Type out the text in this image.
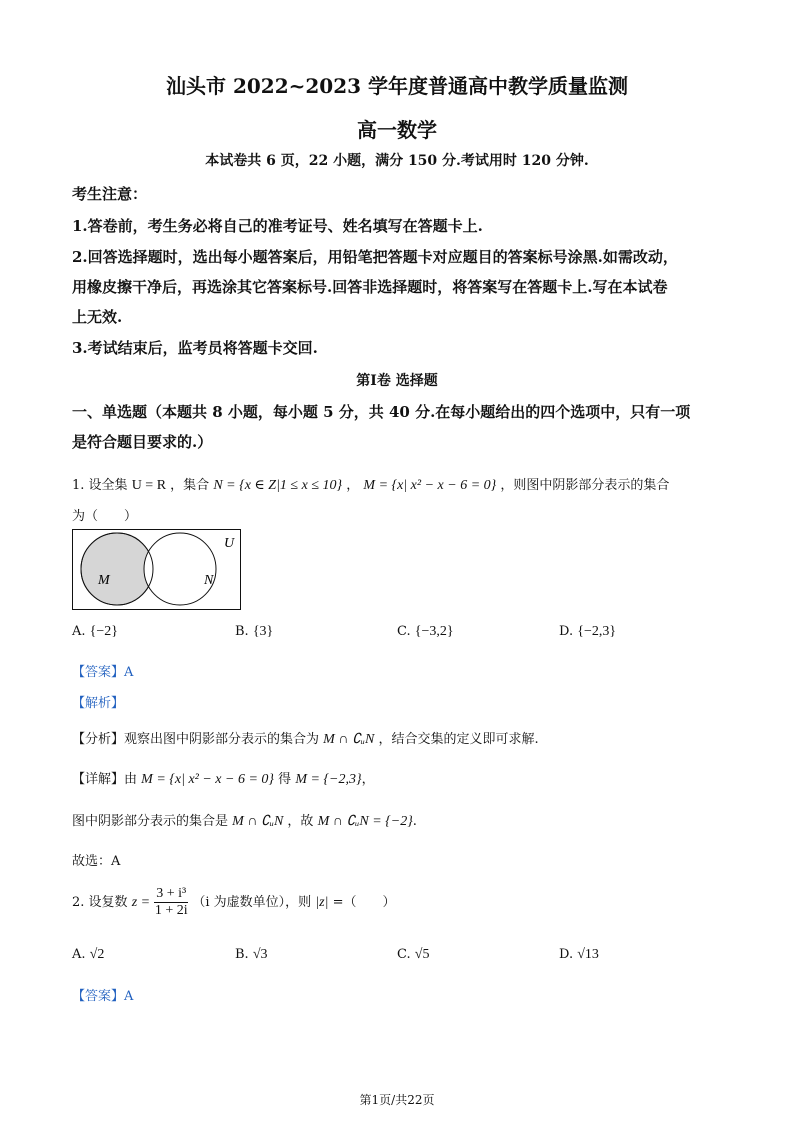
汕头市 2022~2023 学年度普通高中教学质量监测
高一数学
本试卷共 6 页，22 小题，满分 150 分.考试用时 120 分钟.
考生注意：
1.答卷前，考生务必将自己的准考证号、姓名填写在答题卡上.
2.回答选择题时，选出每小题答案后，用铅笔把答题卡对应题目的答案标号涂黑.如需改动，
用橡皮擦干净后，再选涂其它答案标号.回答非选择题时，将答案写在答题卡上.写在本试卷
上无效.
3.考试结束后，监考员将答题卡交回.
第Ⅰ卷 选择题
一、单选题（本题共 8 小题，每小题 5 分，共 40 分.在每小题给出的四个选项中，只有一项
是符合题目要求的.）
1. 设全集 U = R ，集合 N = {x ∈ Z|1 ≤ x ≤ 10} ， M = {x| x² − x − 6 = 0} ，则图中阴影部分表示的集合
为（　　）
U
M	N
A. {−2}	B. {3}	C. {−3,2}	D. {−2,3}
【答案】A
【解析】
【分析】观察出图中阴影部分表示的集合为 M ∩ ∁ᵤN ，结合交集的定义即可求解.
【详解】由 M = {x| x² − x − 6 = 0} 得 M = {−2,3}，
图中阴影部分表示的集合是 M ∩ ∁ᵤN ，故 M ∩ ∁ᵤN = {−2}.
故选：A
2. 设复数 $z = \frac{\text{3 + i³}}{1 + 2i} (i$ 为虚数单位），则 |z| =（　　）
A. √2	B. √3	C. √5	D. √13
【答案】A
第1页/共22页
